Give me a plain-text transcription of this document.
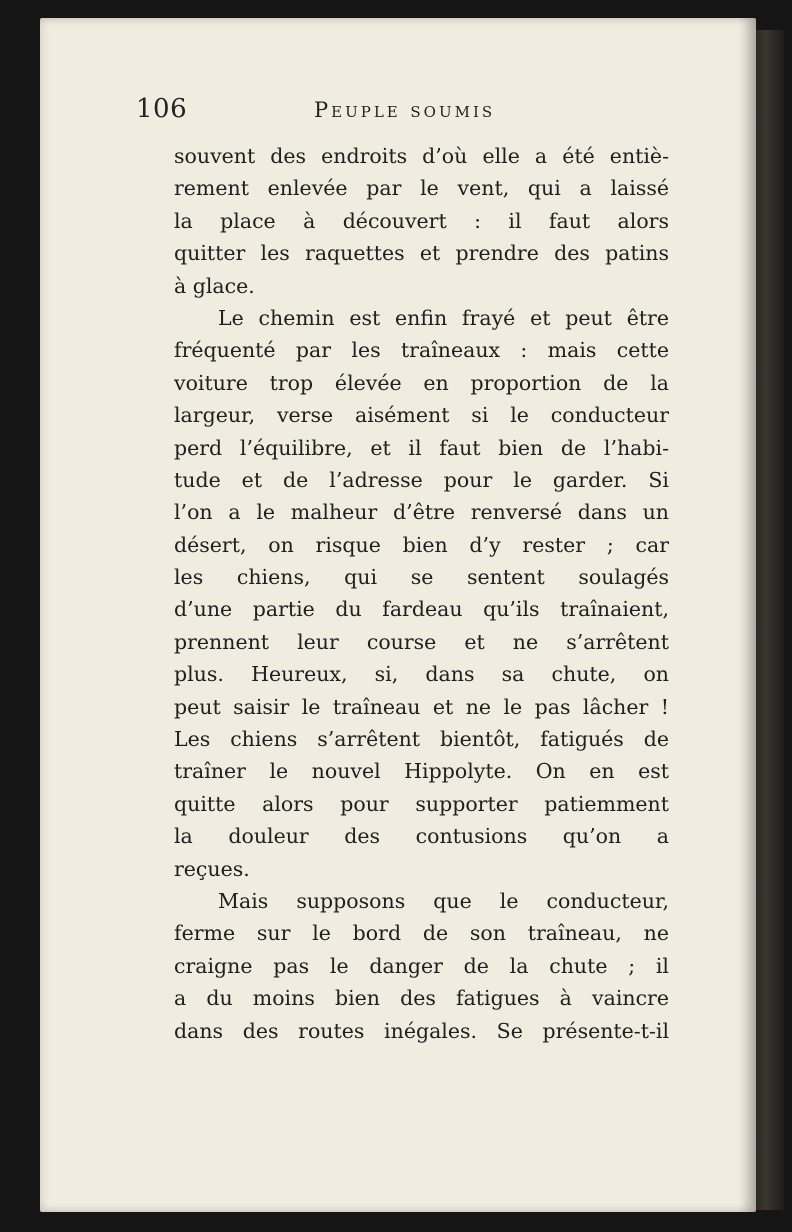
106	Peuple soumis
souvent des endroits d’où elle a été entiè-
rement enlevée par le vent, qui a laissé
la place à découvert : il faut alors
quitter les raquettes et prendre des patins
à glace.
Le chemin est enfin frayé et peut être
fréquenté par les traîneaux : mais cette
voiture trop élevée en proportion de la
largeur, verse aisément si le conducteur
perd l’équilibre, et il faut bien de l’habi-
tude et de l’adresse pour le garder. Si
l’on a le malheur d’être renversé dans un
désert, on risque bien d’y rester ; car
les chiens, qui se sentent soulagés
d’une partie du fardeau qu’ils traînaient,
prennent leur course et ne s’arrêtent
plus. Heureux, si, dans sa chute, on
peut saisir le traîneau et ne le pas lâcher !
Les chiens s’arrêtent bientôt, fatigués de
traîner le nouvel Hippolyte. On en est
quitte alors pour supporter patiemment
la douleur des contusions qu’on a
reçues.
Mais supposons que le conducteur,
ferme sur le bord de son traîneau, ne
craigne pas le danger de la chute ; il
a du moins bien des fatigues à vaincre
dans des routes inégales. Se présente-t-il
